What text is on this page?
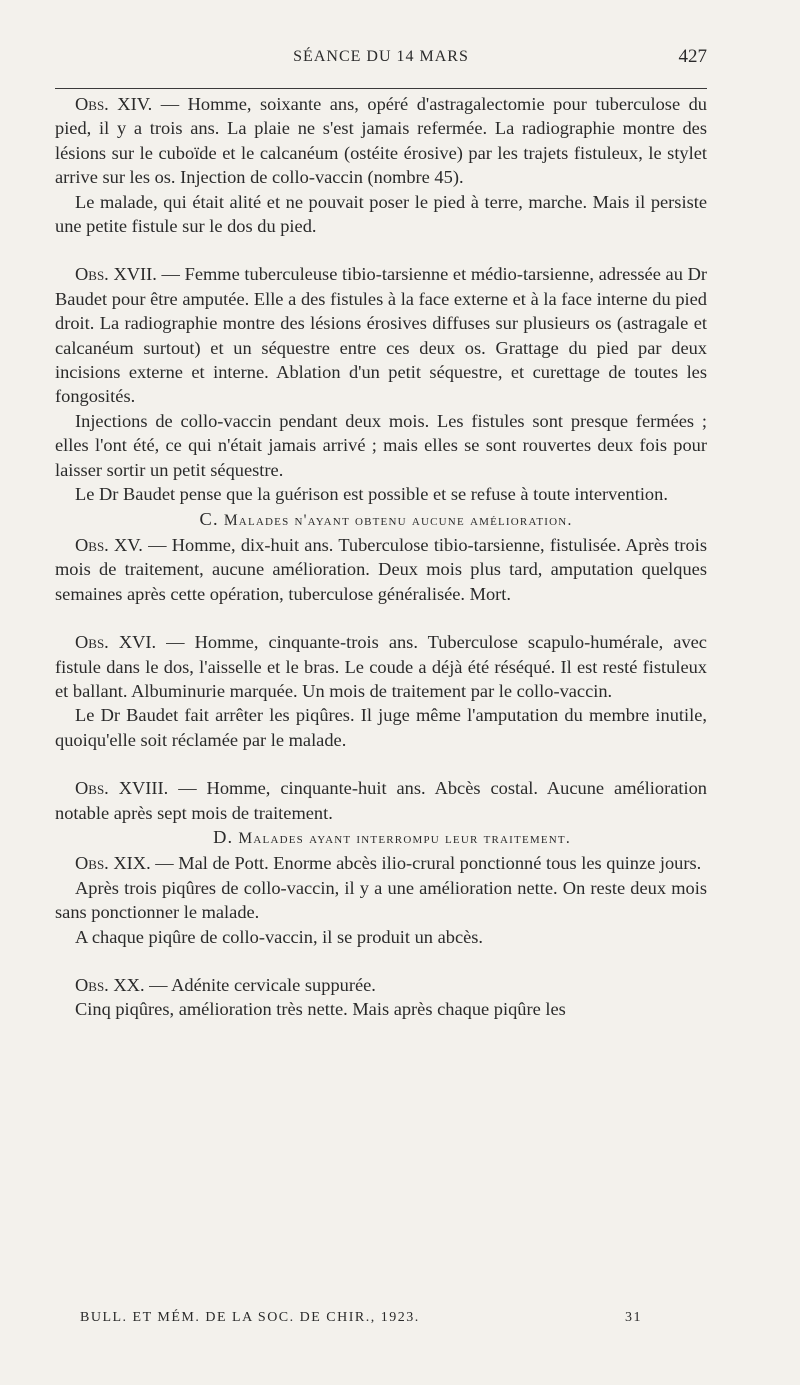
SÉANCE DU 14 MARS	427

Obs. XIV. — Homme, soixante ans, opéré d'astragalectomie pour tuberculose du pied, il y a trois ans. La plaie ne s'est jamais refermée. La radiographie montre des lésions sur le cuboïde et le calcanéum (ostéite érosive) par les trajets fistuleux, le stylet arrive sur les os. Injection de collo-vaccin (nombre 45).

Le malade, qui était alité et ne pouvait poser le pied à terre, marche. Mais il persiste une petite fistule sur le dos du pied.

Obs. XVII. — Femme tuberculeuse tibio-tarsienne et médio-tarsienne, adressée au Dr Baudet pour être amputée. Elle a des fistules à la face externe et à la face interne du pied droit. La radiographie montre des lésions érosives diffuses sur plusieurs os (astragale et calcanéum surtout) et un séquestre entre ces deux os. Grattage du pied par deux incisions externe et interne. Ablation d'un petit séquestre, et curettage de toutes les fongosités.

Injections de collo-vaccin pendant deux mois. Les fistules sont presque fermées ; elles l'ont été, ce qui n'était jamais arrivé ; mais elles se sont rouvertes deux fois pour laisser sortir un petit séquestre.

Le Dr Baudet pense que la guérison est possible et se refuse à toute intervention.

C. Malades n'ayant obtenu aucune amélioration.

Obs. XV. — Homme, dix-huit ans. Tuberculose tibio-tarsienne, fistulisée. Après trois mois de traitement, aucune amélioration. Deux mois plus tard, amputation quelques semaines après cette opération, tuberculose généralisée. Mort.

Obs. XVI. — Homme, cinquante-trois ans. Tuberculose scapulo-humérale, avec fistule dans le dos, l'aisselle et le bras. Le coude a déjà été réséqué. Il est resté fistuleux et ballant. Albuminurie marquée. Un mois de traitement par le collo-vaccin.

Le Dr Baudet fait arrêter les piqûres. Il juge même l'amputation du membre inutile, quoiqu'elle soit réclamée par le malade.

Obs. XVIII. — Homme, cinquante-huit ans. Abcès costal. Aucune amélioration notable après sept mois de traitement.

D. Malades ayant interrompu leur traitement.

Obs. XIX. — Mal de Pott. Enorme abcès ilio-crural ponctionné tous les quinze jours.

Après trois piqûres de collo-vaccin, il y a une amélioration nette. On reste deux mois sans ponctionner le malade.

A chaque piqûre de collo-vaccin, il se produit un abcès.

Obs. XX. — Adénite cervicale suppurée.

Cinq piqûres, amélioration très nette. Mais après chaque piqûre les

BULL. ET MÉM. DE LA SOC. DE CHIR., 1923.	31
